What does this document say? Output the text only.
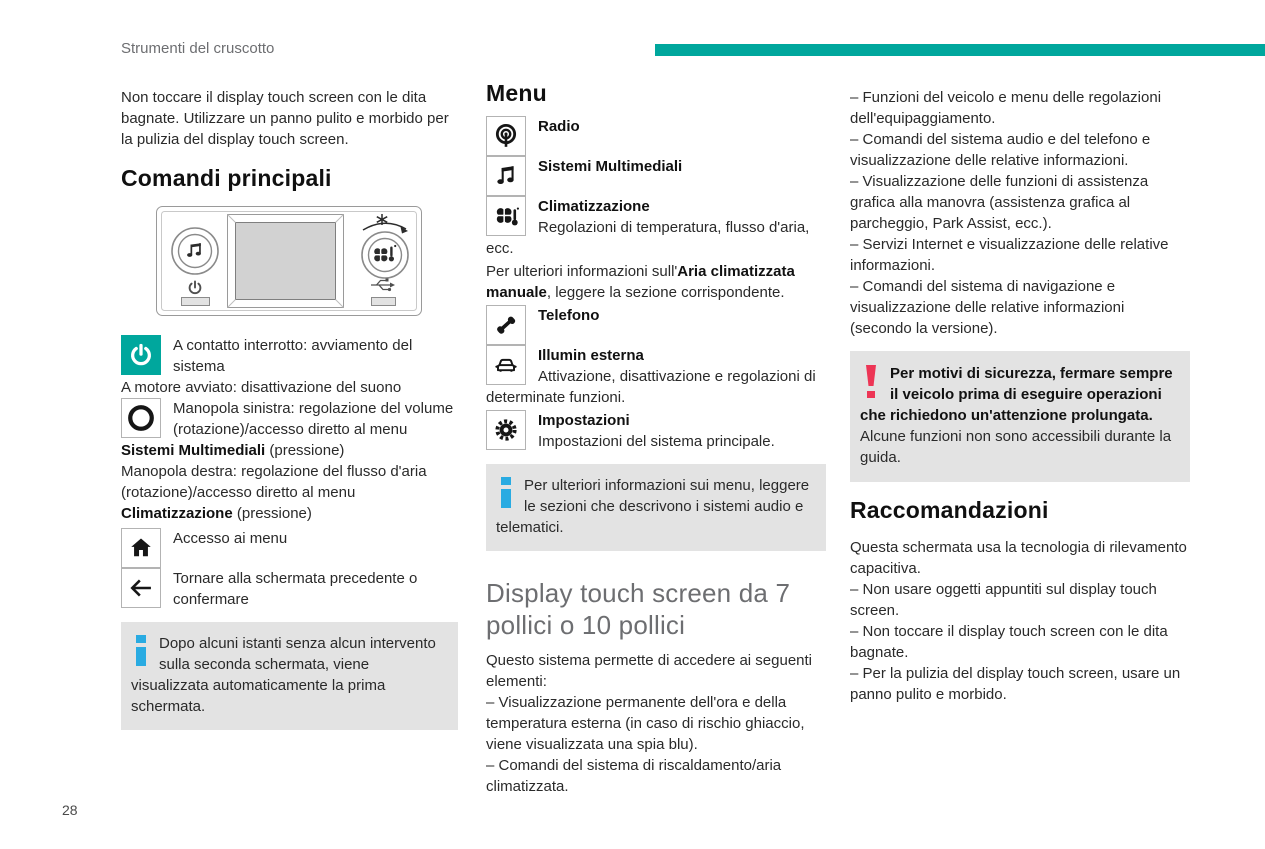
Strumenti del cruscotto

Non toccare il display touch screen con le dita bagnate. Utilizzare un panno pulito e morbido per la pulizia del display touch screen.

Comandi principali

A contatto interrotto: avviamento del sistema

A motore avviato: disattivazione del suono

Manopola sinistra: regolazione del volume (rotazione)/accesso diretto al menu Sistemi Multimediali (pressione)

Manopola destra: regolazione del flusso d'aria (rotazione)/accesso diretto al menu Climatizzazione (pressione)

Accesso ai menu

Tornare alla schermata precedente o confermare

Dopo alcuni istanti senza alcun intervento sulla seconda schermata, viene visualizzata automaticamente la prima schermata.

Menu

Radio

Sistemi Multimediali

Climatizzazione
Regolazioni di temperatura, flusso d'aria, ecc.

Per ulteriori informazioni sull'Aria climatizzata manuale, leggere la sezione corrispondente.

Telefono

Illumin esterna
Attivazione, disattivazione e regolazioni di determinate funzioni.

Impostazioni
Impostazioni del sistema principale.

Per ulteriori informazioni sui menu, leggere le sezioni che descrivono i sistemi audio e telematici.

Display touch screen da 7 pollici o 10 pollici

Questo sistema permette di accedere ai seguenti elementi:

– Visualizzazione permanente dell'ora e della temperatura esterna (in caso di rischio ghiaccio, viene visualizzata una spia blu).

– Comandi del sistema di riscaldamento/aria climatizzata.

– Funzioni del veicolo e menu delle regolazioni dell'equipaggiamento.

– Comandi del sistema audio e del telefono e visualizzazione delle relative informazioni.

– Visualizzazione delle funzioni di assistenza grafica alla manovra (assistenza grafica al parcheggio, Park Assist, ecc.).

– Servizi Internet e visualizzazione delle relative informazioni.

– Comandi del sistema di navigazione e visualizzazione delle relative informazioni (secondo la versione).

Per motivi di sicurezza, fermare sempre il veicolo prima di eseguire operazioni che richiedono un'attenzione prolungata.
Alcune funzioni non sono accessibili durante la guida.

Raccomandazioni

Questa schermata usa la tecnologia di rilevamento capacitiva.

– Non usare oggetti appuntiti sul display touch screen.

– Non toccare il display touch screen con le dita bagnate.

– Per la pulizia del display touch screen, usare un panno pulito e morbido.

28
